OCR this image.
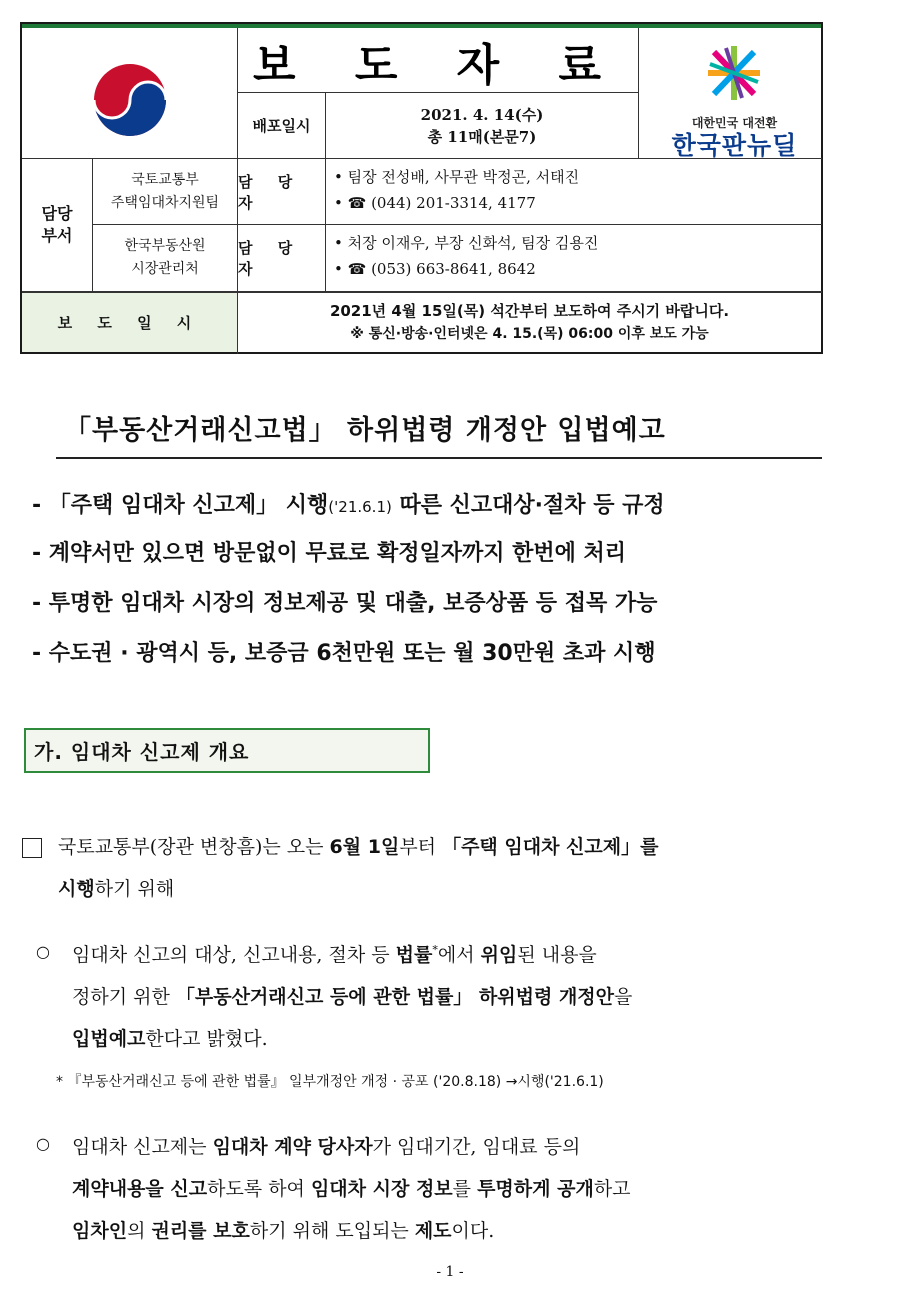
보 도 자 료
배포일시
2021. 4. 14(수)
총 11매(본문7)
대한민국 대전환
한국판뉴딜
담당
부서
국토교통부
주택임대차지원팀
담 당 자
• 팀장 전성배, 사무관 박정곤, 서태진
• ☎ (044) 201-3314, 4177
한국부동산원
시장관리처
담 당 자
• 처장 이재우, 부장 신화석, 팀장 김용진
• ☎ (053) 663-8641, 8642
보 도 일 시
2021년 4월 15일(목) 석간부터 보도하여 주시기 바랍니다.
※ 통신·방송·인터넷은 4. 15.(목) 06:00 이후 보도 가능
「부동산거래신고법」 하위법령 개정안 입법예고
- 「주택 임대차 신고제」 시행('21.6.1) 따른 신고대상·절차 등 규정
- 계약서만 있으면 방문없이 무료로 확정일자까지 한번에 처리
- 투명한 임대차 시장의 정보제공 및 대출, 보증상품 등 접목 가능
- 수도권 · 광역시 등, 보증금 6천만원 또는 월 30만원 초과 시행
가. 임대차 신고제 개요
국토교통부(장관 변창흠)는 오는 6월 1일부터 「주택 임대차 신고제」를
시행하기 위해
○ 임대차 신고의 대상, 신고내용, 절차 등 법률*에서 위임된 내용을
정하기 위한 「부동산거래신고 등에 관한 법률」 하위법령 개정안을
입법예고한다고 밝혔다.
* 『부동산거래신고 등에 관한 법률』 일부개정안 개정 · 공포 ('20.8.18) →시행('21.6.1)
○ 임대차 신고제는 임대차 계약 당사자가 임대기간, 임대료 등의
계약내용을 신고하도록 하여 임대차 시장 정보를 투명하게 공개하고
임차인의 권리를 보호하기 위해 도입되는 제도이다.
- 1 -
